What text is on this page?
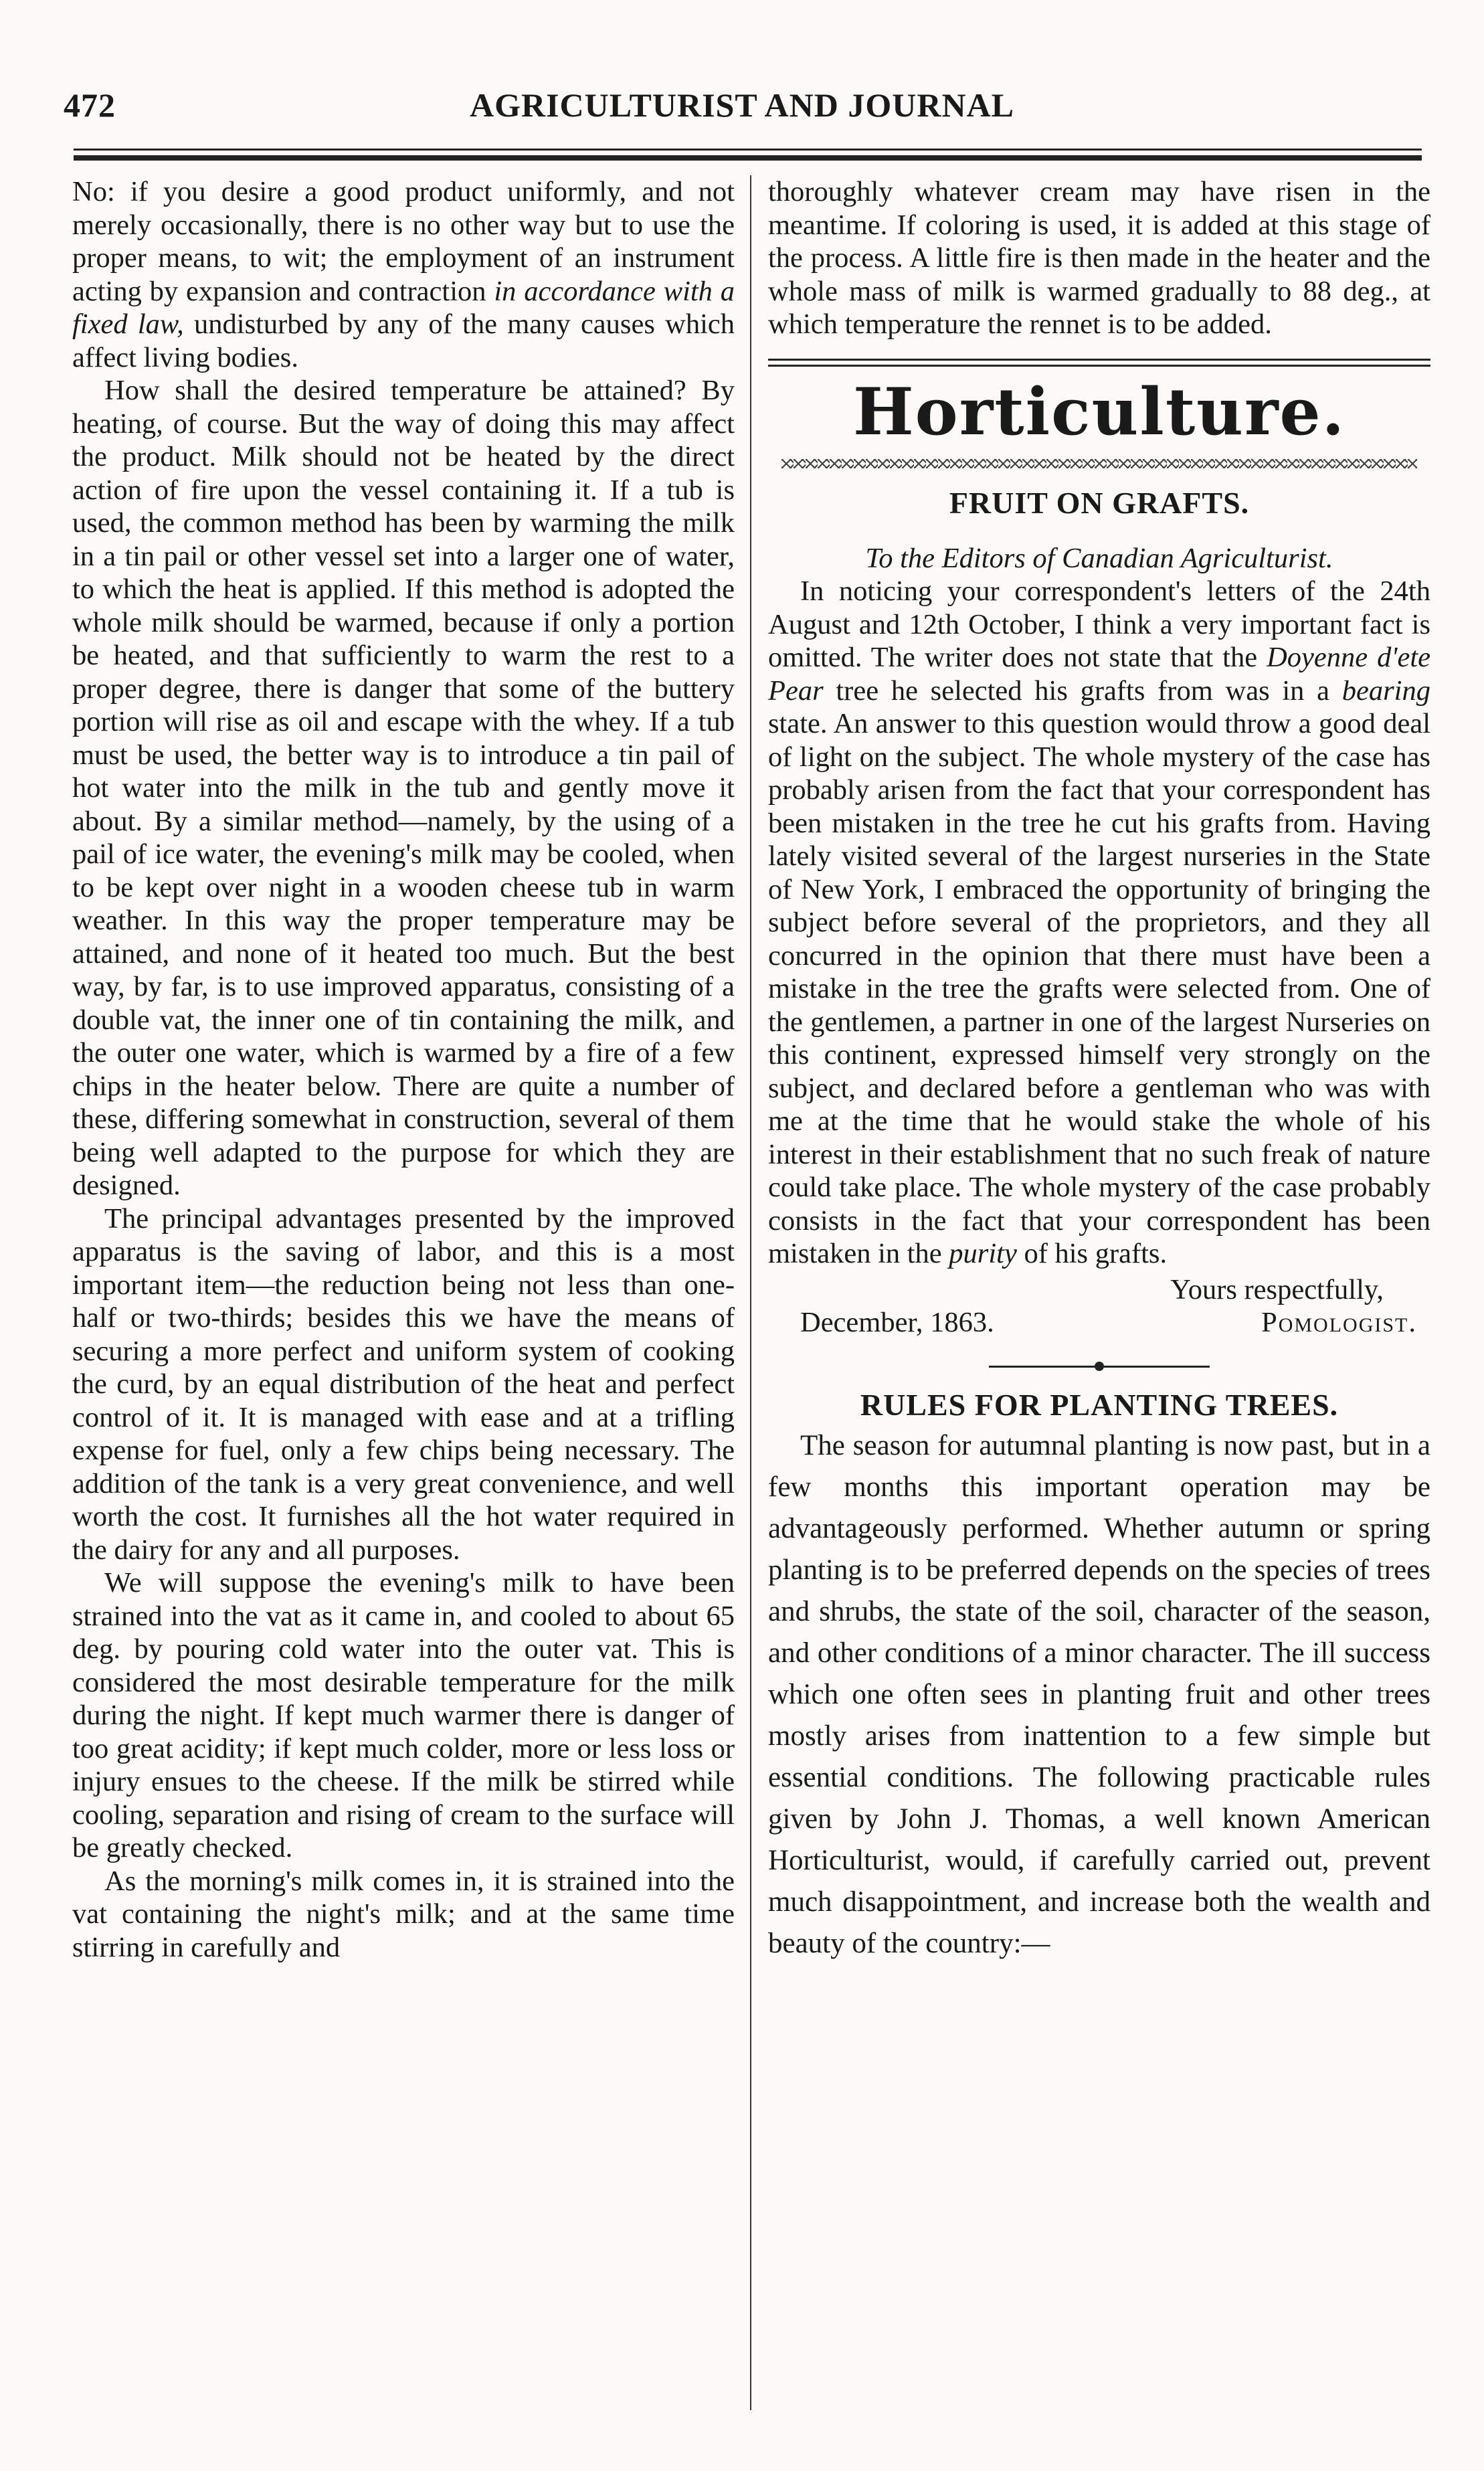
472	AGRICULTURIST AND JOURNAL

No: if you desire a good product uniformly, and not merely occasionally, there is no other way but to use the proper means, to wit; the employment of an instrument acting by expansion and contraction in accordance with a fixed law, undisturbed by any of the many causes which affect living bodies.

How shall the desired temperature be attained? By heating, of course. But the way of doing this may affect the product. Milk should not be heated by the direct action of fire upon the vessel containing it. If a tub is used, the common method has been by warming the milk in a tin pail or other vessel set into a larger one of water, to which the heat is applied. If this method is adopted the whole milk should be warmed, because if only a portion be heated, and that sufficiently to warm the rest to a proper degree, there is danger that some of the buttery portion will rise as oil and escape with the whey. If a tub must be used, the better way is to introduce a tin pail of hot water into the milk in the tub and gently move it about. By a similar method—namely, by the using of a pail of ice water, the evening's milk may be cooled, when to be kept over night in a wooden cheese tub in warm weather. In this way the proper temperature may be attained, and none of it heated too much. But the best way, by far, is to use improved apparatus, consisting of a double vat, the inner one of tin containing the milk, and the outer one water, which is warmed by a fire of a few chips in the heater below. There are quite a number of these, differing somewhat in construction, several of them being well adapted to the purpose for which they are designed.

The principal advantages presented by the improved apparatus is the saving of labor, and this is a most important item—the reduction being not less than one-half or two-thirds; besides this we have the means of securing a more perfect and uniform system of cooking the curd, by an equal distribution of the heat and perfect control of it. It is managed with ease and at a trifling expense for fuel, only a few chips being necessary. The addition of the tank is a very great convenience, and well worth the cost. It furnishes all the hot water required in the dairy for any and all purposes.

We will suppose the evening's milk to have been strained into the vat as it came in, and cooled to about 65 deg. by pouring cold water into the outer vat. This is considered the most desirable temperature for the milk during the night. If kept much warmer there is danger of too great acidity; if kept much colder, more or less loss or injury ensues to the cheese. If the milk be stirred while cooling, separation and rising of cream to the surface will be greatly checked.

As the morning's milk comes in, it is strained into the vat containing the night's milk; and at the same time stirring in carefully and

thoroughly whatever cream may have risen in the meantime. If coloring is used, it is added at this stage of the process. A little fire is then made in the heater and the whole mass of milk is warmed gradually to 88 deg., at which temperature the rennet is to be added.

Horticulture.
FRUIT ON GRAFTS.
To the Editors of Canadian Agriculturist.

In noticing your correspondent's letters of the 24th August and 12th October, I think a very important fact is omitted. The writer does not state that the Doyenne d'ete Pear tree he selected his grafts from was in a bearing state. An answer to this question would throw a good deal of light on the subject. The whole mystery of the case has probably arisen from the fact that your correspondent has been mistaken in the tree he cut his grafts from. Having lately visited several of the largest nurseries in the State of New York, I embraced the opportunity of bringing the subject before several of the proprietors, and they all concurred in the opinion that there must have been a mistake in the tree the grafts were selected from. One of the gentlemen, a partner in one of the largest Nurseries on this continent, expressed himself very strongly on the subject, and declared before a gentleman who was with me at the time that he would stake the whole of his interest in their establishment that no such freak of nature could take place. The whole mystery of the case probably consists in the fact that your correspondent has been mistaken in the purity of his grafts.

Yours respectfully,
December, 1863.	Pomologist.
RULES FOR PLANTING TREES.

The season for autumnal planting is now past, but in a few months this important operation may be advantageously performed. Whether autumn or spring planting is to be preferred depends on the species of trees and shrubs, the state of the soil, character of the season, and other conditions of a minor character. The ill success which one often sees in planting fruit and other trees mostly arises from inattention to a few simple but essential conditions. The following practicable rules given by John J. Thomas, a well known American Horticulturist, would, if carefully carried out, prevent much disappointment, and increase both the wealth and beauty of the country:—
